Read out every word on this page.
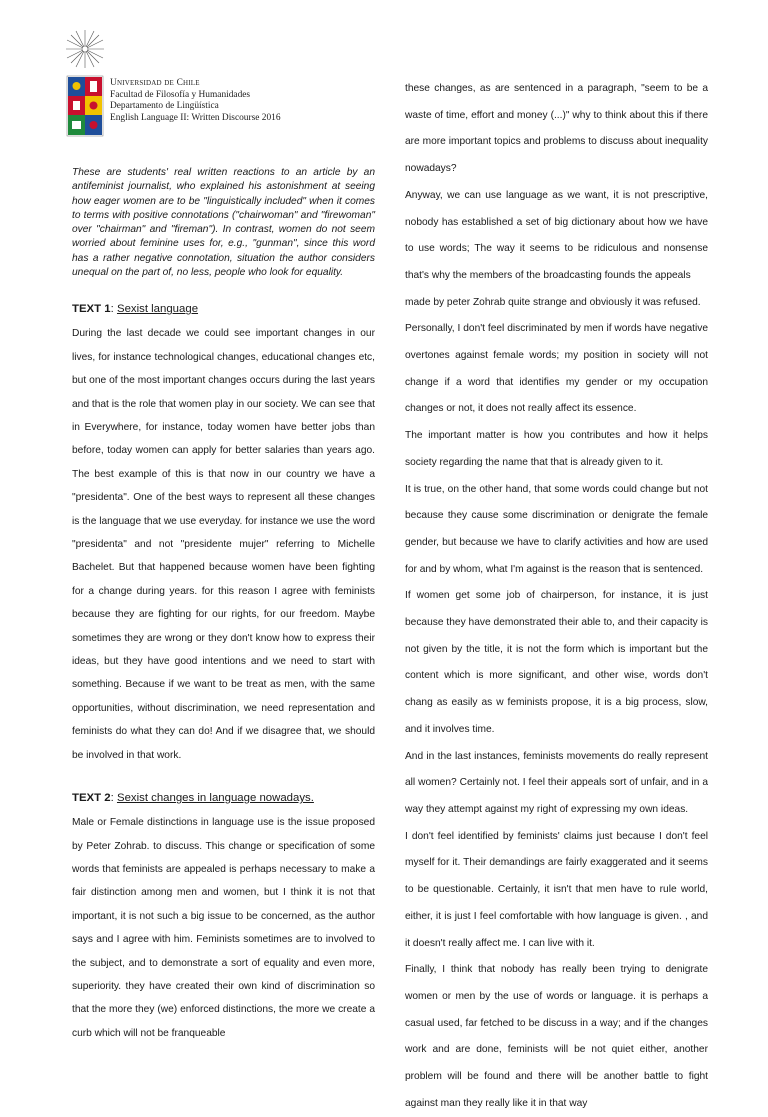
Universidad de Chile
Facultad de Filosofía y Humanidades
Departamento de Lingüística
English Language II: Written Discourse 2016

These are students' real written reactions to an article by an antifeminist journalist, who explained his astonishment at seeing how eager women are to be "linguistically included" when it comes to terms with positive connotations ("chairwoman" and "firewoman" over "chairman" and "fireman"). In contrast, women do not seem worried about feminine uses for, e.g., "gunman", since this word has a rather negative connotation, situation the author considers unequal on the part of, no less, people who look for equality.

TEXT 1: Sexist language

During the last decade we could see important changes in our lives, for instance technological changes, educational changes etc, but one of the most important changes occurs during the last years and that is the role that women play in our society. We can see that in Everywhere, for instance, today women have better jobs than before, today women can apply for better salaries than years ago. The best example of this is that now in our country we have a "presidenta". One of the best ways to represent all these changes is the language that we use everyday. for instance we use the word "presidenta" and not "presidente mujer" referring to Michelle Bachelet. But that happened because women have been fighting for a change during years. for this reason I agree with feminists because they are fighting for our rights, for our freedom. Maybe sometimes they are wrong or they don't know how to express their ideas, but they have good intentions and we need to start with something. Because if we want to be treat as men, with the same opportunities, without discrimination, we need representation and feminists do what they can do! And if we disagree that, we should be involved in that work.

TEXT 2: Sexist changes in language nowadays.

Male or Female distinctions in language use is the issue proposed by Peter Zohrab. to discuss. This change or specification of some words that feminists are appealed is perhaps necessary to make a fair distinction among men and women, but I think it is not that important, it is not such a big issue to be concerned, as the author says and I agree with him. Feminists sometimes are to involved to the subject, and to demonstrate a sort of equality and even more, superiority. they have created their own kind of discrimination so that the more they (we) enforced distinctions, the more we create a curb which will not be franqueable

these changes, as are sentenced in a paragraph, "seem to be a waste of time, effort and money (...)" why to think about this if there are more important topics and problems to discuss about inequality nowadays?

Anyway, we can use language as we want, it is not prescriptive, nobody has established a set of big dictionary about how we have to use words; The way it seems to be ridiculous and nonsense that's why the members of the broadcasting founds the appeals

made by peter Zohrab quite strange and obviously it was refused.

Personally, I don't feel discriminated by men if words have negative overtones against female words; my position in society will not change if a word that identifies my gender or my occupation changes or not, it does not really affect its essence.

The important matter is how you contributes and how it helps society regarding the name that that is already given to it.

It is true, on the other hand, that some words could change but not because they cause some discrimination or denigrate the female gender, but because we have to clarify activities and how are used for and by whom, what I'm against is the reason that is sentenced.

If women get some job of chairperson, for instance, it is just because they have demonstrated their able to, and their capacity is not given by the title, it is not the form which is important but the content which is more significant, and other wise, words don't chang as easily as w feminists propose, it is a big process, slow, and it involves time.

And in the last instances, feminists movements do really represent all women? Certainly not. I feel their appeals sort of unfair, and in a way they attempt against my right of expressing my own ideas.

I don't feel identified by feminists' claims just because I don't feel myself for it. Their demandings are fairly exaggerated and it seems to be questionable. Certainly, it isn't that men have to rule world, either, it is just I feel comfortable with how language is given. , and it doesn't really affect me. I can live with it.

Finally, I think that nobody has really been trying to denigrate women or men by the use of words or language. it is perhaps a casual used, far fetched to be discuss in a way; and if the changes work and are done, feminists will be not quiet either, another problem will be found and there will be another battle to fight against man they really like it in that way
